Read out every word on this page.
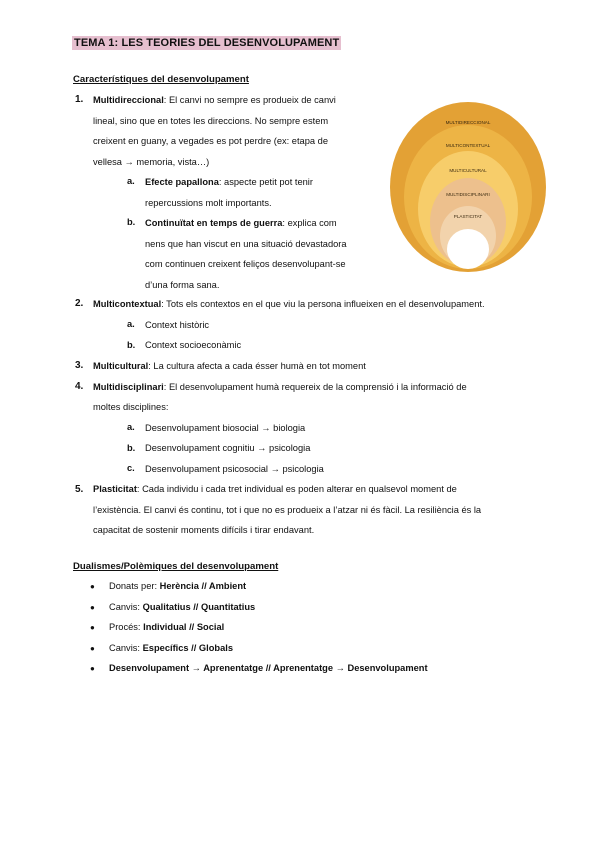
TEMA 1: LES TEORIES DEL DESENVOLUPAMENT
Característiques del desenvolupament
1. Multidireccional: El canvi no sempre es produeix de canvi
lineal, sino que en totes les direccions. No sempre estem
creixent en guany, a vegades es pot perdre (ex: etapa de
vellesa → memoria, vista…)
a. Efecte papallona: aspecte petit pot tenir
repercussions molt importants.
b. Continuïtat en temps de guerra: explica com
nens que han viscut en una situació devastadora
com continuen creixent feliços desenvolupant-se
d’una forma sana.
MULTIDIRECCIONAL
MULTICONTEXTUAL
MULTICULTURAL
MULTIDISCIPLINARI
PLASTICITAT
2. Multicontextual: Tots els contextos en el que viu la persona influeixen en el desenvolupament.
a. Context històric
b. Context socioeconàmic
3. Multicultural: La cultura afecta a cada ésser humà en tot moment
4. Multidisciplinari: El desenvolupament humà requereix de la comprensió i la informació de
moltes disciplines:
a. Desenvolupament biosocial → biologia
b. Desenvolupament cognitiu → psicologia
c. Desenvolupament psicosocial → psicologia
5. Plasticitat: Cada individu i cada tret individual es poden alterar en qualsevol moment de
l’existència. El canvi és continu, tot i que no es produeix a l’atzar ni és fàcil. La resiliència és la
capacitat de sostenir moments difícils i tirar endavant.
Dualismes/Polèmiques del desenvolupament
● Donats per: Herència // Ambient
● Canvis: Qualitatius // Quantitatius
● Procés: Individual // Social
● Canvis: Específics // Globals
● Desenvolupament → Aprenentatge // Aprenentatge → Desenvolupament
